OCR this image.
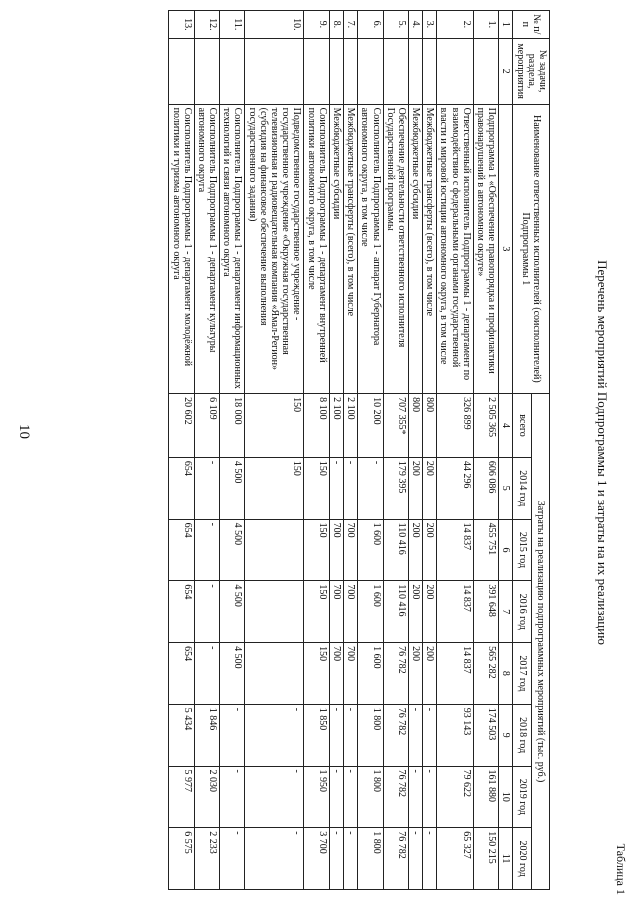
10
Таблица 1
Перечень мероприятий Подпрограммы 1 и затраты на их реализацию
№ п/п	№ задачи, раздела, мероприятия	Наименование ответственных исполнителей (соисполнителей) Подпрограммы 1	Затраты на реализацию подпрограммных мероприятий (тыс. руб.)							
			всего	2014 год	2015 год	2016 год	2017 год	2018 год	2019 год	2020 год
1	2	3	4	5	6	7	8	9	10	11
1.		Подпрограмма 1 «Обеспечение правопорядка и профилактики правонарушений в автономном округе»	2 505 365	606 086	455 751	391 648	565 282	174 503	161 880	150 215
2.		Ответственный исполнитель Подпрограммы 1 - департамент по взаимодействию с федеральными органами государственной власти и мировой юстиции автономного округа, в том числе	326 899	44 296	14 837	14 837	14 837	93 143	79 622	65 327
3.		Межбюджетные трансферты (всего), в том числе	800	200	200	200	200	-	-	-
4.		Межбюджетные субсидии	800	200	200	200	200	-	-	-
5.		Обеспечение деятельности ответственного исполнителя Государственной программы	707 355*	179 395	110 416	110 416	76 782	76 782	76 782	76 782
6.		Соисполнитель Подпрограммы 1 - аппарат Губернатора автономного округа, в том числе	10 200	-	1 600	1 600	1 600	1 800	1 800	1 800
7.		Межбюджетные трансферты (всего), в том числе	2 100	-	700	700	700	-	-	-
8.		Межбюджетные субсидии	2 100	-	700	700	700	-	-	-
9.		Соисполнитель Подпрограммы 1 - департамент внутренней политики автономного округа, в том числе	8 100	150	150	150	150	1 850	1 950	3 700
10.		Подведомственное государственное учреждение - государственное учреждение «Окружная государственная телевизионная и радиовещательная компания «Ямал-Регион» (субсидия на финансовое обеспечение выполнения государственного задания)	150	150				-	-	-
11.		Соисполнитель Подпрограммы 1 - департамент информационных технологий и связи автономного округа	18 000	4 500	4 500	4 500	4 500	-	-	-
12.		Соисполнитель Подпрограммы 1 - департамент культуры автономного округа	6 109	-	-	-	-	1 846	2 030	2 233
13.		Соисполнитель Подпрограммы 1 - департамент молодёжной политики и туризма автономного округа	20 602	654	654	654	654	5 434	5 977	6 575
